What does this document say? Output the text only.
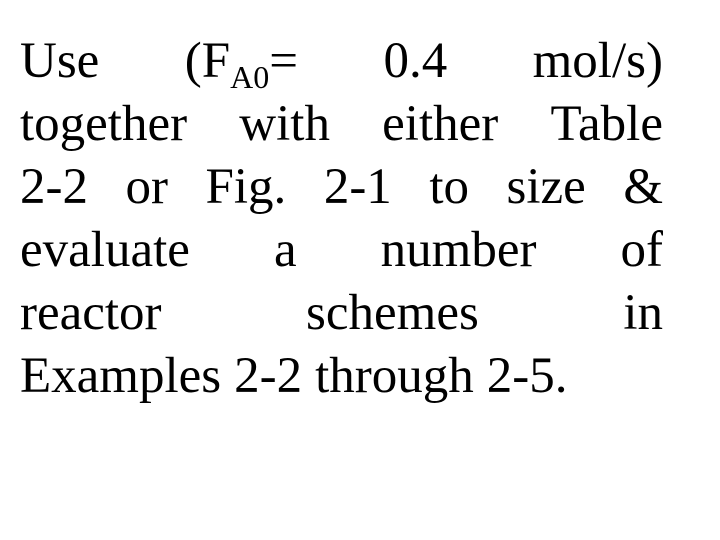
Use ($F_{A0}= 0.4$ mol/s)
together with either Table
2-2 or Fig. 2-1 to size &
evaluate a number of
reactor	schemes	in
Examples 2-2 through 2-5.
